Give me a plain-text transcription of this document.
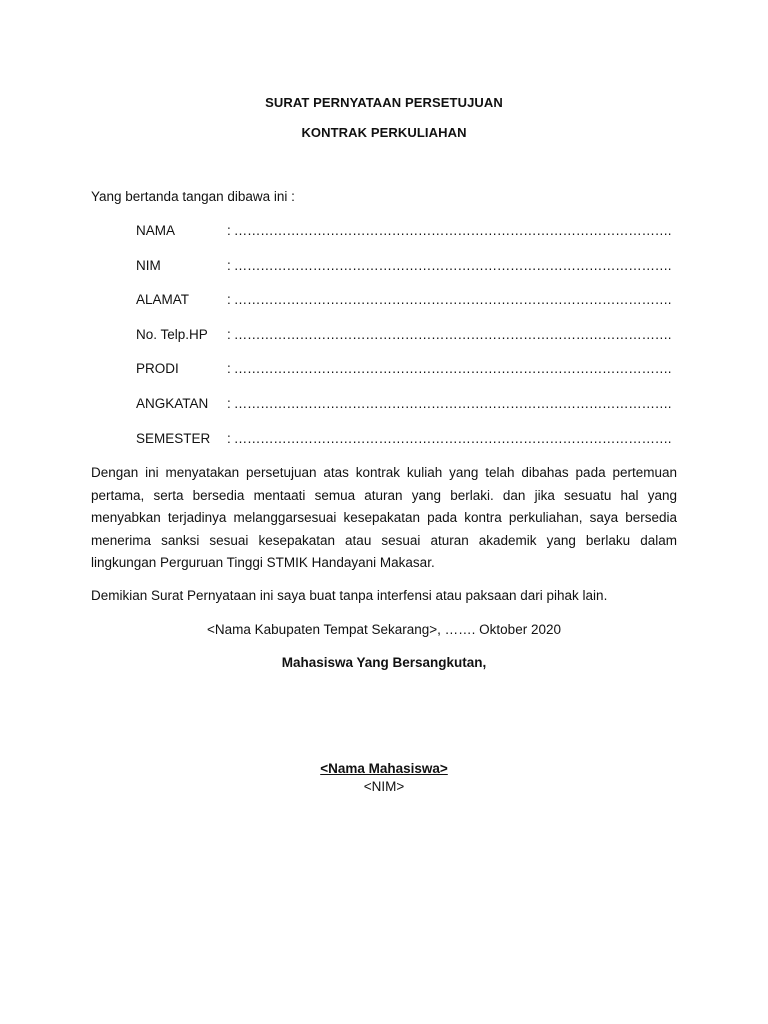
SURAT PERNYATAAN PERSETUJUAN
KONTRAK PERKULIAHAN
Yang bertanda tangan dibawa ini :
NAMA	: ……………………………………………………………………………………….
NIM	: ……………………………………………………………………………………….
ALAMAT	: ……………………………………………………………………………………….
No. Telp.HP : ……………………………………………………………………………………….
PRODI	: ……………………………………………………………………………………….
ANGKATAN : ……………………………………………………………………………………….
SEMESTER : ……………………………………………………………………………………….
Dengan ini menyatakan persetujuan atas kontrak kuliah yang telah dibahas pada pertemuan pertama, serta bersedia mentaati semua aturan yang berlaki. dan jika sesuatu hal yang menyabkan terjadinya melanggarsesuai kesepakatan pada kontra perkuliahan, saya bersedia menerima sanksi sesuai kesepakatan atau sesuai aturan akademik yang berlaku dalam lingkungan Perguruan Tinggi STMIK Handayani Makasar.
Demikian Surat Pernyataan ini saya buat tanpa interfensi atau paksaan dari pihak lain.
<Nama Kabupaten Tempat Sekarang>, ……. Oktober 2020
Mahasiswa Yang Bersangkutan,
<Nama Mahasiswa>
<NIM>
